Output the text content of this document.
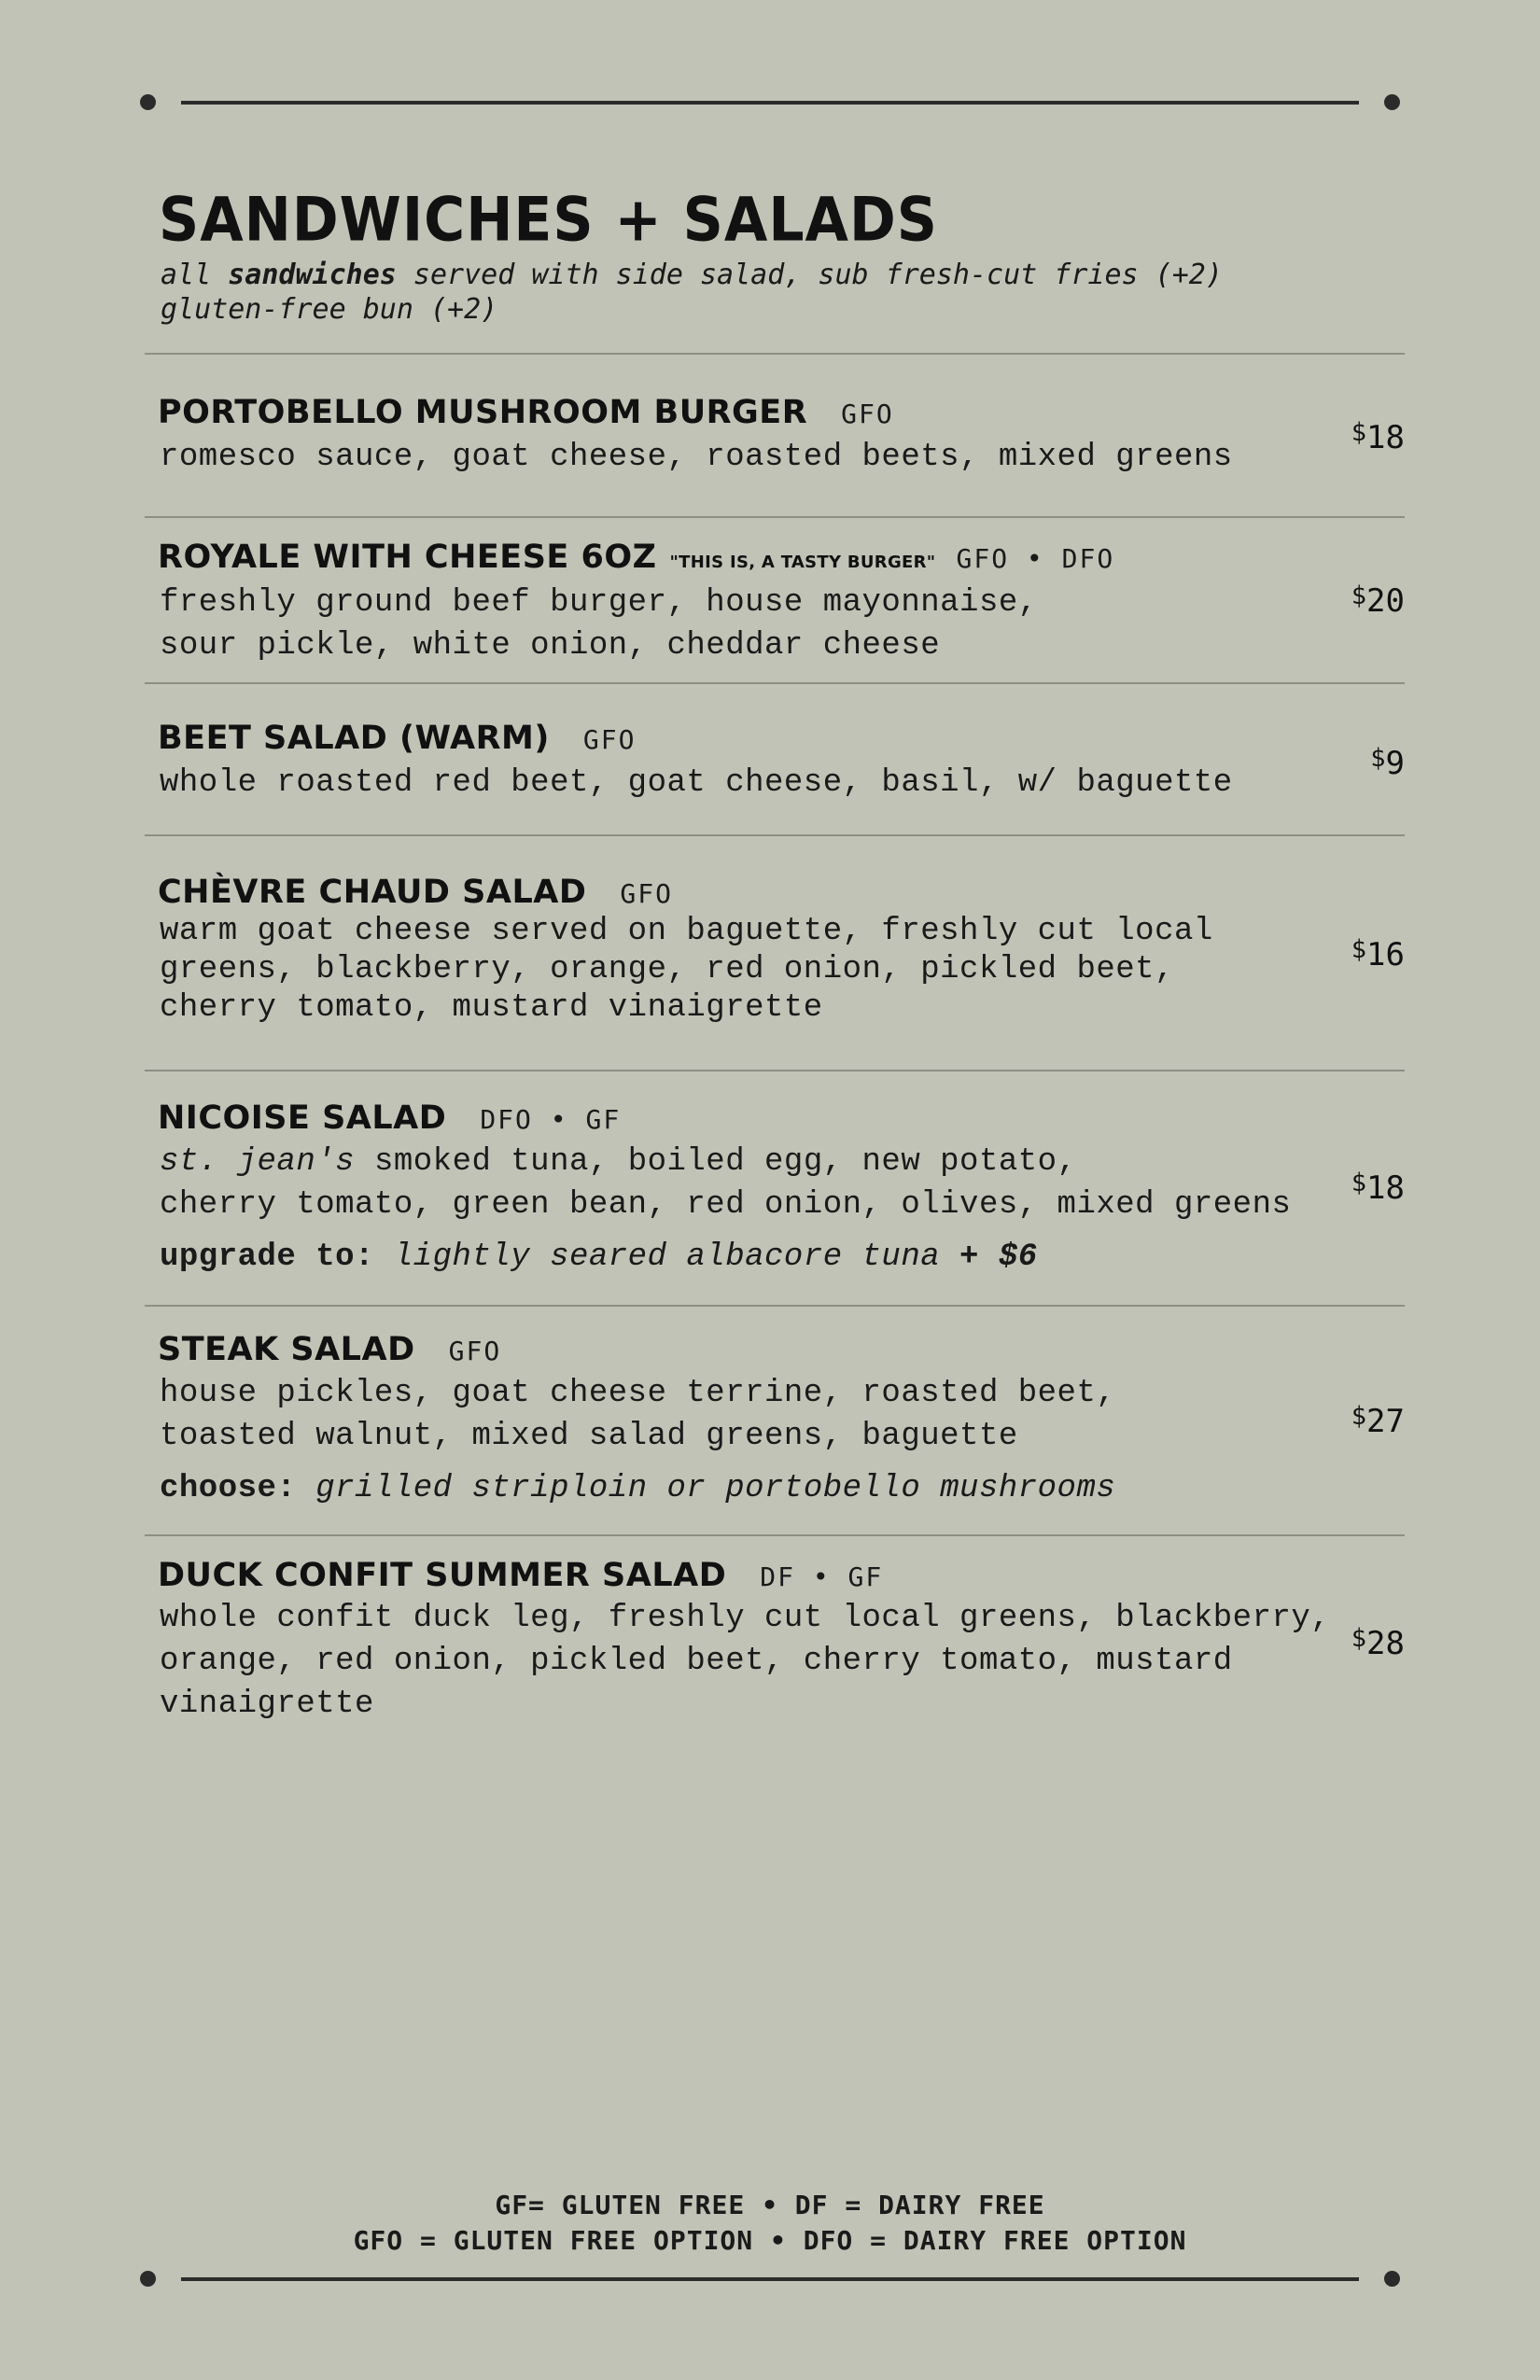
SANDWICHES + SALADS
all sandwiches served with side salad, sub fresh-cut fries (+2)
gluten-free bun (+2)
PORTOBELLO MUSHROOM BURGER GFO
romesco sauce, goat cheese, roasted beets, mixed greens
$18
ROYALE WITH CHEESE 6OZ "THIS IS, A TASTY BURGER" GFO • DFO
freshly ground beef burger, house mayonnaise,
sour pickle, white onion, cheddar cheese
$20
BEET SALAD (WARM) GFO
whole roasted red beet, goat cheese, basil, w/ baguette
$9
CHÈVRE CHAUD SALAD GFO
warm goat cheese served on baguette, freshly cut local
greens, blackberry, orange, red onion, pickled beet,
cherry tomato, mustard vinaigrette
$16
NICOISE SALAD DFO • GF
st. jean's smoked tuna, boiled egg, new potato,
cherry tomato, green bean, red onion, olives, mixed greens
upgrade to: lightly seared albacore tuna + $6
$18
STEAK SALAD GFO
house pickles, goat cheese terrine, roasted beet,
toasted walnut, mixed salad greens, baguette
choose: grilled striploin or portobello mushrooms
$27
DUCK CONFIT SUMMER SALAD DF • GF
whole confit duck leg, freshly cut local greens, blackberry,
orange, red onion, pickled beet, cherry tomato, mustard
vinaigrette
$28
GF= GLUTEN FREE • DF = DAIRY FREE
GFO = GLUTEN FREE OPTION • DFO = DAIRY FREE OPTION
